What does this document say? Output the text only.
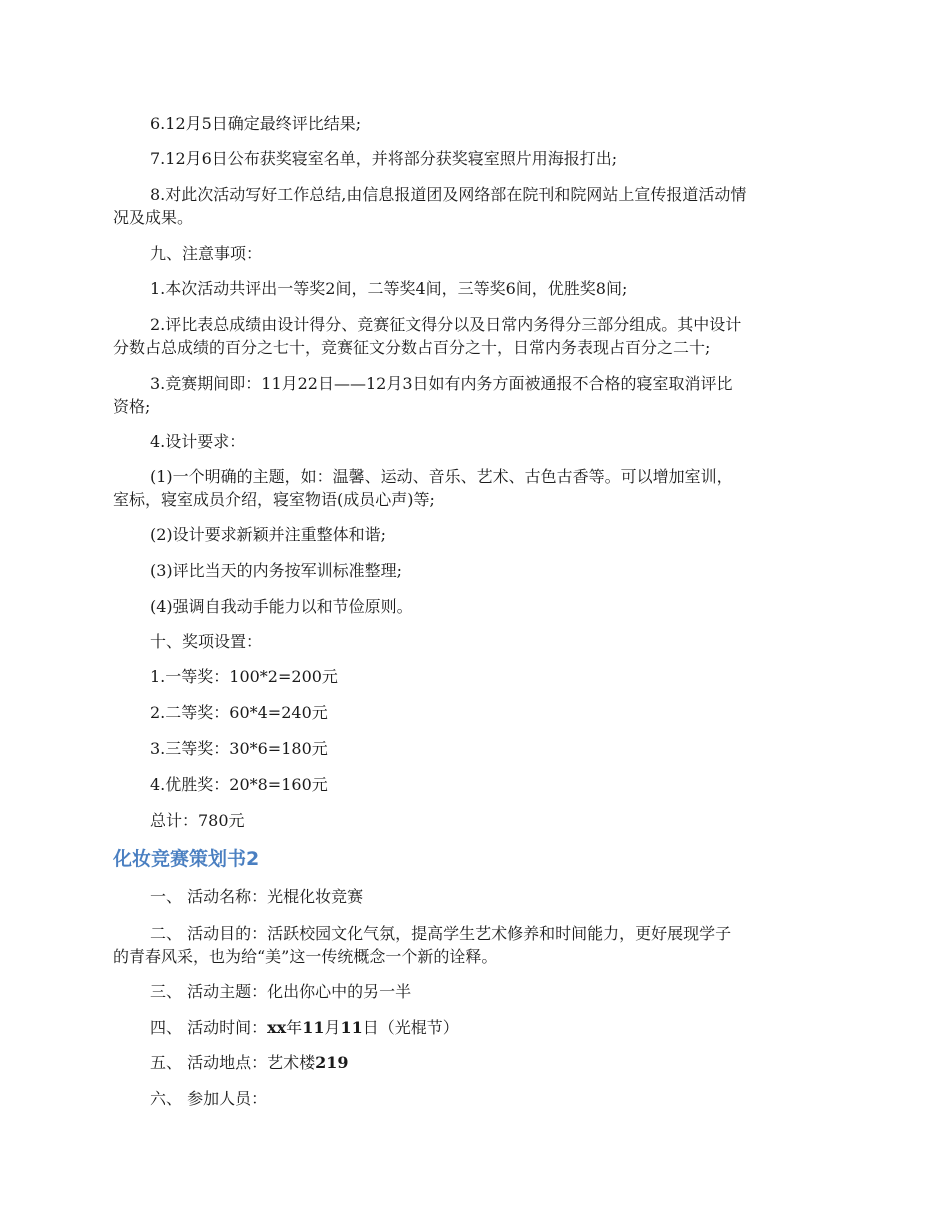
6.12月5日确定最终评比结果;
7.12月6日公布获奖寝室名单，并将部分获奖寝室照片用海报打出;
8.对此次活动写好工作总结,由信息报道团及网络部在院刊和院网站上宣传报道活动情
况及成果。
九、注意事项：
1.本次活动共评出一等奖2间，二等奖4间，三等奖6间，优胜奖8间;
2.评比表总成绩由设计得分、竞赛征文得分以及日常内务得分三部分组成。其中设计
分数占总成绩的百分之七十，竞赛征文分数占百分之十，日常内务表现占百分之二十;
3.竞赛期间即：11月22日——12月3日如有内务方面被通报不合格的寝室取消评比
资格;
4.设计要求：
(1)一个明确的主题，如：温馨、运动、音乐、艺术、古色古香等。可以增加室训，
室标，寝室成员介绍，寝室物语(成员心声)等;
(2)设计要求新颖并注重整体和谐;
(3)评比当天的内务按军训标准整理;
(4)强调自我动手能力以和节俭原则。
十、奖项设置：
1.一等奖：100*2=200元
2.二等奖：60*4=240元
3.三等奖：30*6=180元
4.优胜奖：20*8=160元
总计：780元
化妆竞赛策划书2
一、 活动名称：光棍化妆竞赛
二、 活动目的：活跃校园文化气氛，提高学生艺术修养和时间能力，更好展现学子
的青春风采，也为给“美”这一传统概念一个新的诠释。
三、 活动主题：化出你心中的另一半
四、 活动时间：xx年11月11日（光棍节）
五、 活动地点：艺术楼219
六、 参加人员：
